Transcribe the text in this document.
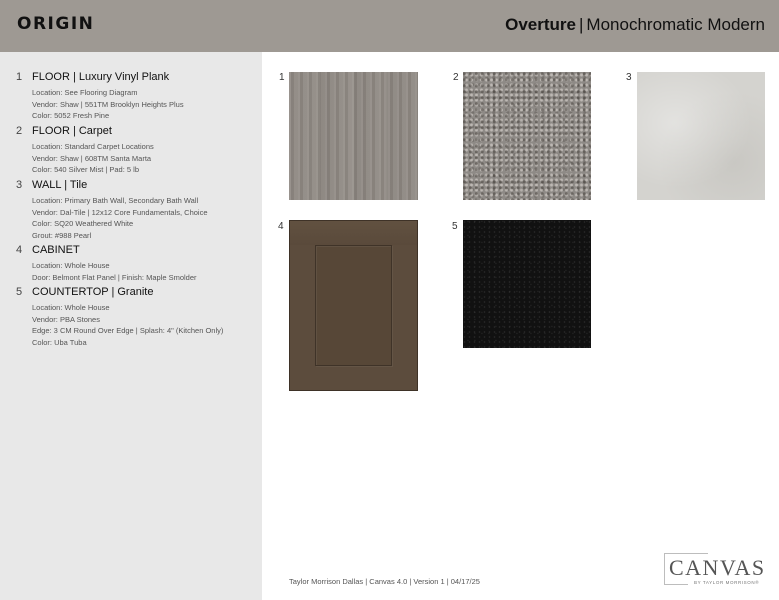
ORIGIN	Overture | Monochromatic Modern
1 FLOOR | Luxury Vinyl Plank
Location: See Flooring Diagram
Vendor: Shaw | 551TM Brooklyn Heights Plus
Color: 5052 Fresh Pine
2 FLOOR | Carpet
Location: Standard Carpet Locations
Vendor: Shaw | 608TM Santa Marta
Color: 540 Silver Mist | Pad: 5 lb
3 WALL | Tile
Location: Primary Bath Wall, Secondary Bath Wall
Vendor: Dal-Tile | 12x12 Core Fundamentals, Choice
Color: SQ20 Weathered White
Grout: #988 Pearl
4 CABINET
Location: Whole House
Door: Belmont Flat Panel | Finish: Maple Smolder
5 COUNTERTOP | Granite
Location: Whole House
Vendor: PBA Stones
Edge: 3 CM Round Over Edge | Splash: 4" (Kitchen Only)
Color: Uba Tuba
1	2	3
4	5
Taylor Morrison Dallas | Canvas 4.0 | Version 1 | 04/17/25
CANVAS
BY TAYLOR MORRISON®
